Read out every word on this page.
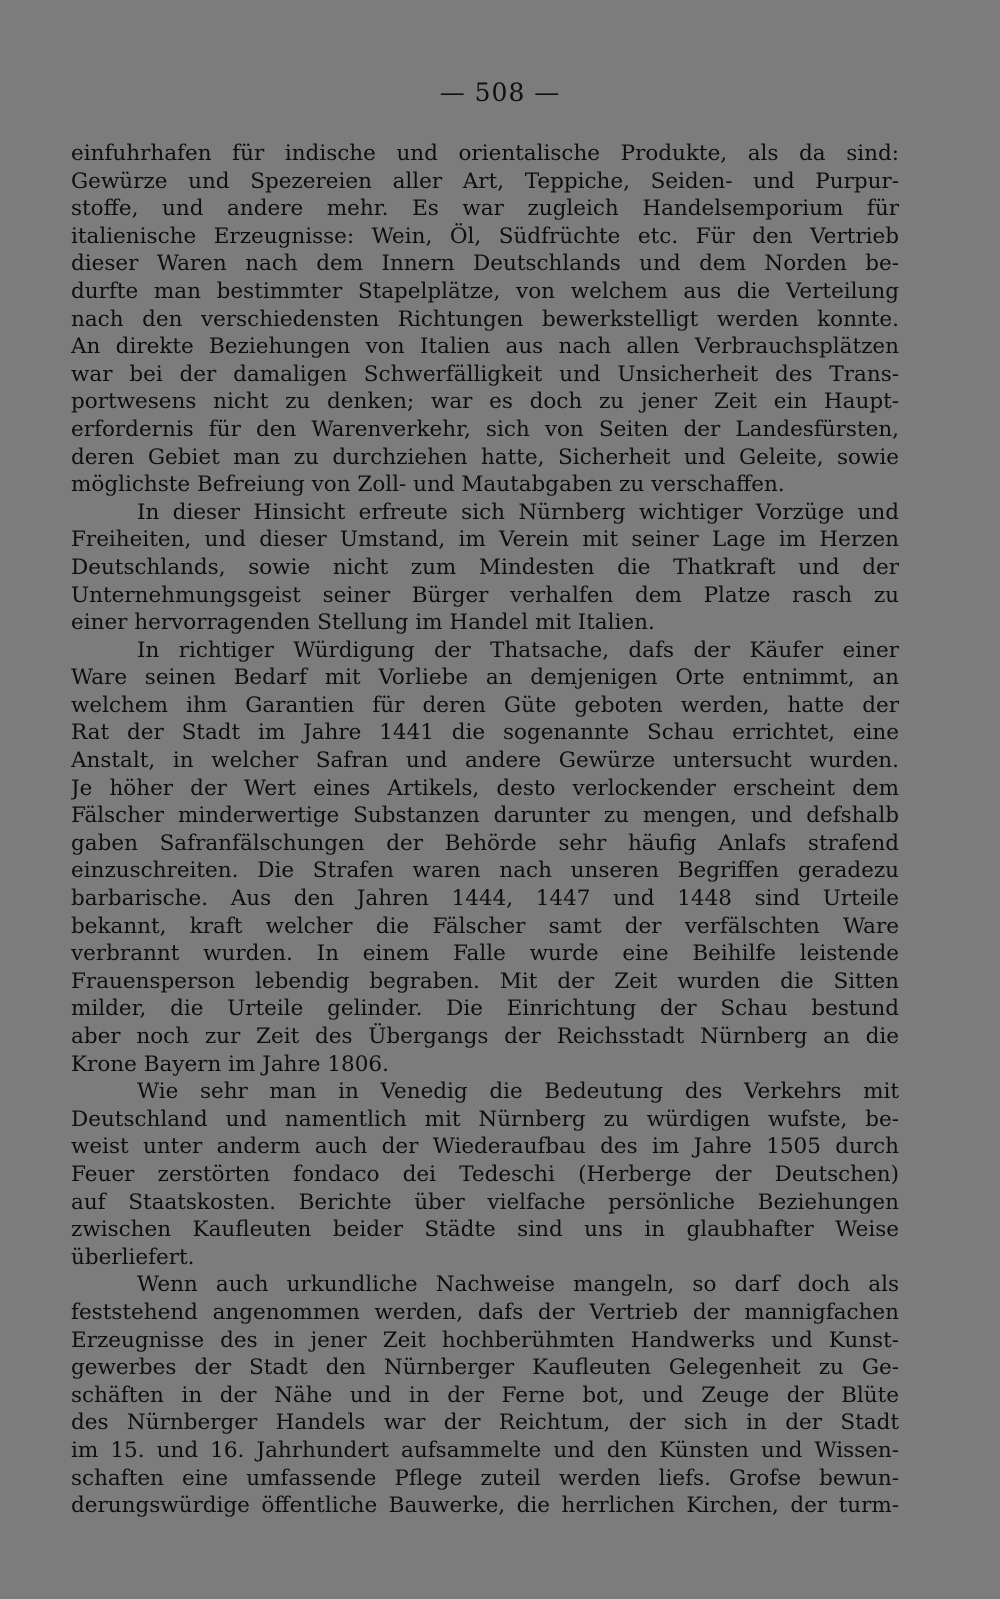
— 508 —
einfuhrhafen für indische und orientalische Produkte, als da sind:
Gewürze und Spezereien aller Art, Teppiche, Seiden- und Purpur-
stoffe, und andere mehr. Es war zugleich Handelsemporium für
italienische Erzeugnisse: Wein, Öl, Südfrüchte etc. Für den Vertrieb
dieser Waren nach dem Innern Deutschlands und dem Norden be-
durfte man bestimmter Stapelplätze, von welchem aus die Verteilung
nach den verschiedensten Richtungen bewerkstelligt werden konnte.
An direkte Beziehungen von Italien aus nach allen Verbrauchsplätzen
war bei der damaligen Schwerfälligkeit und Unsicherheit des Trans-
portwesens nicht zu denken; war es doch zu jener Zeit ein Haupt-
erfordernis für den Warenverkehr, sich von Seiten der Landesfürsten,
deren Gebiet man zu durchziehen hatte, Sicherheit und Geleite, sowie
möglichste Befreiung von Zoll- und Mautabgaben zu verschaffen.
In dieser Hinsicht erfreute sich Nürnberg wichtiger Vorzüge und
Freiheiten, und dieser Umstand, im Verein mit seiner Lage im Herzen
Deutschlands, sowie nicht zum Mindesten die Thatkraft und der
Unternehmungsgeist seiner Bürger verhalfen dem Platze rasch zu
einer hervorragenden Stellung im Handel mit Italien.
In richtiger Würdigung der Thatsache, dafs der Käufer einer
Ware seinen Bedarf mit Vorliebe an demjenigen Orte entnimmt, an
welchem ihm Garantien für deren Güte geboten werden, hatte der
Rat der Stadt im Jahre 1441 die sogenannte Schau errichtet, eine
Anstalt, in welcher Safran und andere Gewürze untersucht wurden.
Je höher der Wert eines Artikels, desto verlockender erscheint dem
Fälscher minderwertige Substanzen darunter zu mengen, und defshalb
gaben Safranfälschungen der Behörde sehr häufig Anlafs strafend
einzuschreiten. Die Strafen waren nach unseren Begriffen geradezu
barbarische. Aus den Jahren 1444, 1447 und 1448 sind Urteile
bekannt, kraft welcher die Fälscher samt der verfälschten Ware
verbrannt wurden. In einem Falle wurde eine Beihilfe leistende
Frauensperson lebendig begraben. Mit der Zeit wurden die Sitten
milder, die Urteile gelinder. Die Einrichtung der Schau bestund
aber noch zur Zeit des Übergangs der Reichsstadt Nürnberg an die
Krone Bayern im Jahre 1806.
Wie sehr man in Venedig die Bedeutung des Verkehrs mit
Deutschland und namentlich mit Nürnberg zu würdigen wufste, be-
weist unter anderm auch der Wiederaufbau des im Jahre 1505 durch
Feuer zerstörten fondaco dei Tedeschi (Herberge der Deutschen)
auf Staatskosten. Berichte über vielfache persönliche Beziehungen
zwischen Kaufleuten beider Städte sind uns in glaubhafter Weise
überliefert.
Wenn auch urkundliche Nachweise mangeln, so darf doch als
feststehend angenommen werden, dafs der Vertrieb der mannigfachen
Erzeugnisse des in jener Zeit hochberühmten Handwerks und Kunst-
gewerbes der Stadt den Nürnberger Kaufleuten Gelegenheit zu Ge-
schäften in der Nähe und in der Ferne bot, und Zeuge der Blüte
des Nürnberger Handels war der Reichtum, der sich in der Stadt
im 15. und 16. Jahrhundert aufsammelte und den Künsten und Wissen-
schaften eine umfassende Pflege zuteil werden liefs. Grofse bewun-
derungswürdige öffentliche Bauwerke, die herrlichen Kirchen, der turm-
